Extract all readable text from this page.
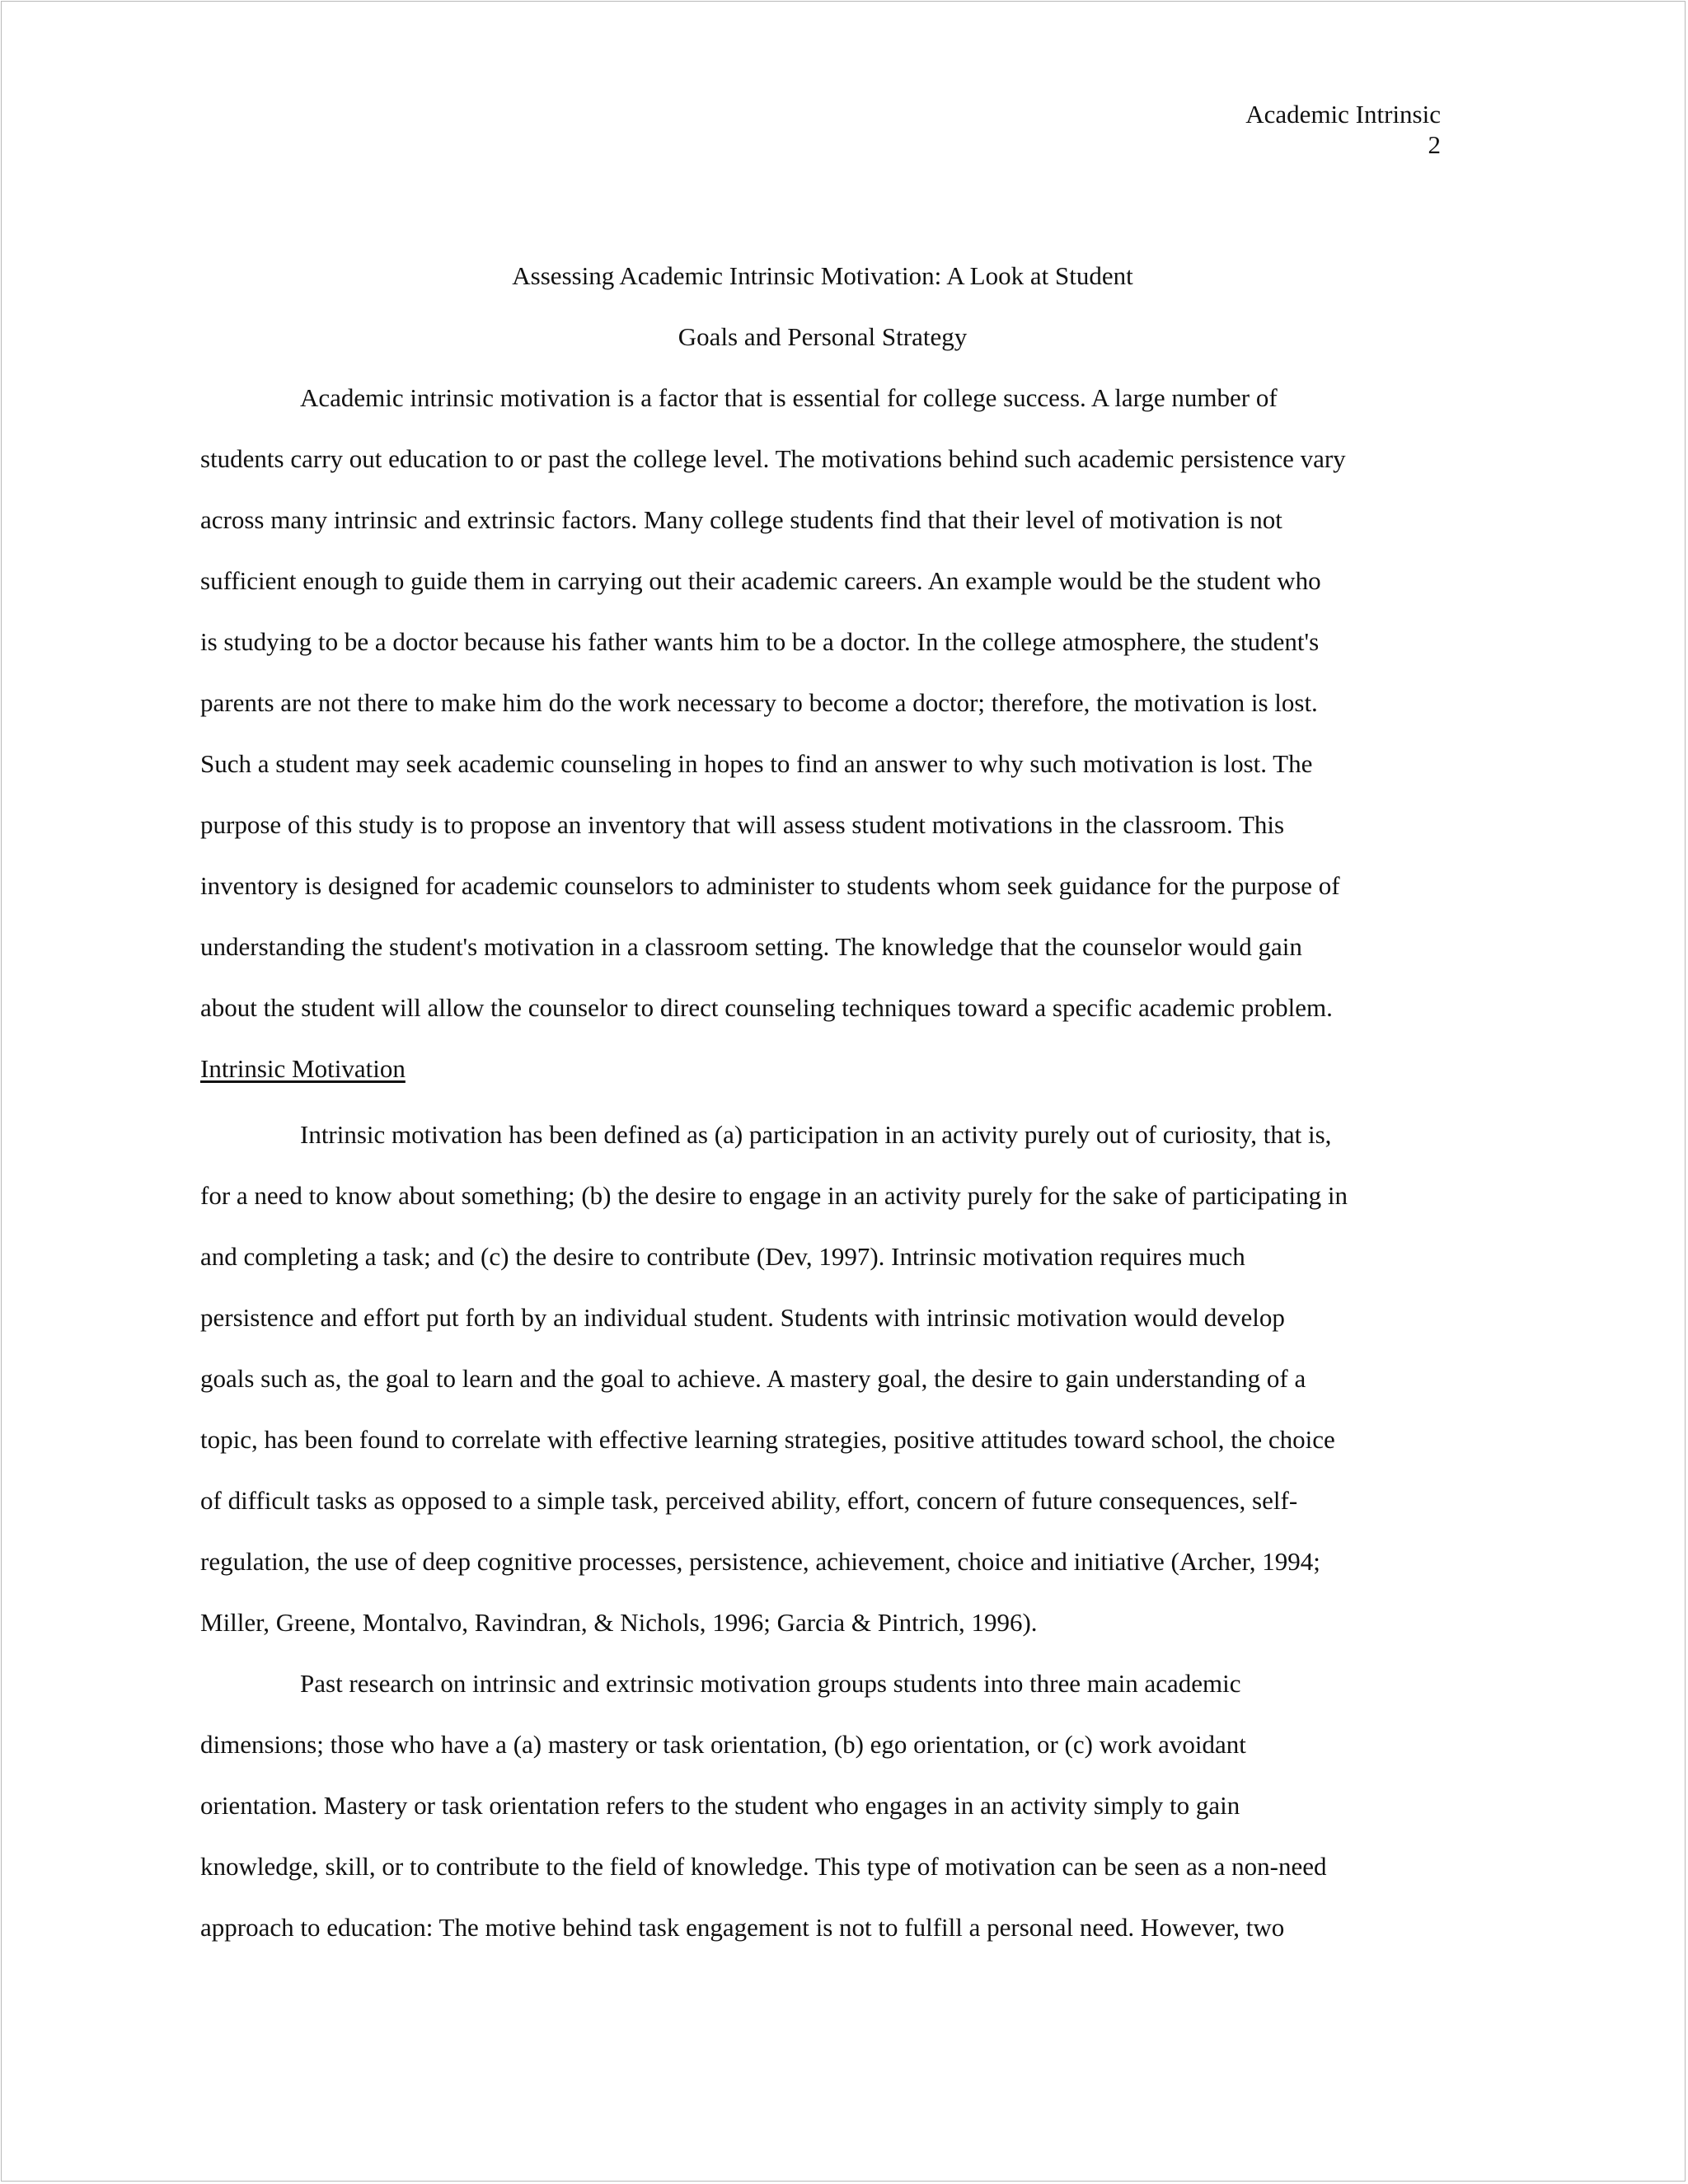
Academic Intrinsic
2
Assessing Academic Intrinsic Motivation: A Look at Student
Goals and Personal Strategy
Academic intrinsic motivation is a factor that is essential for college success. A large number of
students carry out education to or past the college level. The motivations behind such academic persistence vary
across many intrinsic and extrinsic factors. Many college students find that their level of motivation is not
sufficient enough to guide them in carrying out their academic careers. An example would be the student who
is studying to be a doctor because his father wants him to be a doctor. In the college atmosphere, the student's
parents are not there to make him do the work necessary to become a doctor; therefore, the motivation is lost.
Such a student may seek academic counseling in hopes to find an answer to why such motivation is lost. The
purpose of this study is to propose an inventory that will assess student motivations in the classroom. This
inventory is designed for academic counselors to administer to students whom seek guidance for the purpose of
understanding the student's motivation in a classroom setting. The knowledge that the counselor would gain
about the student will allow the counselor to direct counseling techniques toward a specific academic problem.
Intrinsic Motivation
Intrinsic motivation has been defined as (a) participation in an activity purely out of curiosity, that is,
for a need to know about something; (b) the desire to engage in an activity purely for the sake of participating in
and completing a task; and (c) the desire to contribute (Dev, 1997). Intrinsic motivation requires much
persistence and effort put forth by an individual student. Students with intrinsic motivation would develop
goals such as, the goal to learn and the goal to achieve. A mastery goal, the desire to gain understanding of a
topic, has been found to correlate with effective learning strategies, positive attitudes toward school, the choice
of difficult tasks as opposed to a simple task, perceived ability, effort, concern of future consequences, self-
regulation, the use of deep cognitive processes, persistence, achievement, choice and initiative (Archer, 1994;
Miller, Greene, Montalvo, Ravindran, & Nichols, 1996; Garcia & Pintrich, 1996).
Past research on intrinsic and extrinsic motivation groups students into three main academic
dimensions; those who have a (a) mastery or task orientation, (b) ego orientation, or (c) work avoidant
orientation. Mastery or task orientation refers to the student who engages in an activity simply to gain
knowledge, skill, or to contribute to the field of knowledge. This type of motivation can be seen as a non-need
approach to education: The motive behind task engagement is not to fulfill a personal need. However, two
